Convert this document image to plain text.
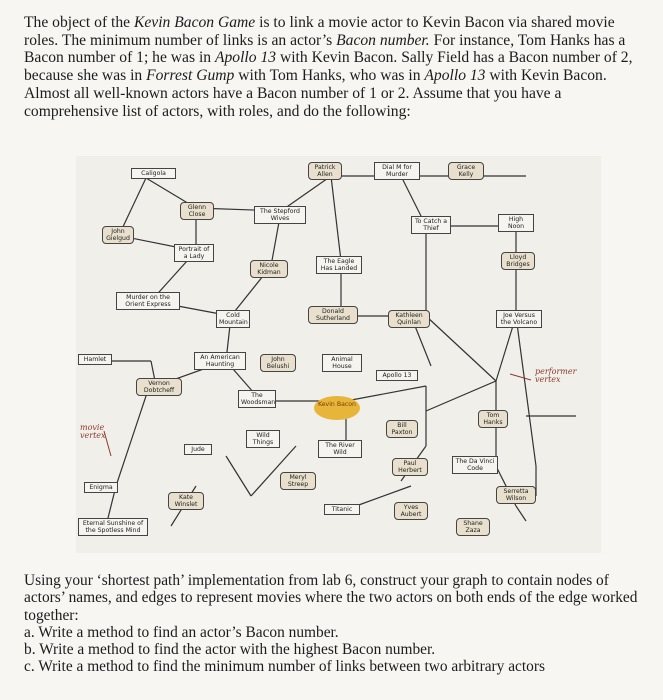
The object of the Kevin Bacon Game is to link a movie actor to Kevin Bacon via shared movie roles. The minimum number of links is an actor’s Bacon number. For instance, Tom Hanks has a Bacon number of 1; he was in Apollo 13 with Kevin Bacon. Sally Field has a Bacon number of 2, because she was in Forrest Gump with Tom Hanks, who was in Apollo 13 with Kevin Bacon. Almost all well-known actors have a Bacon number of 1 or 2. Assume that you have a comprehensive list of actors, with roles, and do the following:

Caligola
Patrick Allen
Dial M for Murder
Grace Kelly
Glenn Close	The Stepford Wives
John Gielgud
To Catch a Thief
High Noon
Portrait of a Lady
Nicole Kidman
The Eagle Has Landed
Lloyd Bridges
Murder on the Orient Express
Cold Mountain
Donald Sutherland	Kathleen Quinlan
Joe Versus the Volcano
Hamlet	An American Haunting
John Belushi
Animal House
Apollo 13
Vernon Dobtcheff
The Woodsman	Kevin Bacon
Tom Hanks
Bill Paxton
Wild Things
Jude
The River Wild
Paul Herbert
The Da Vinci Code
Meryl Streep
Enigma
Kate Winslet
Titanic	Yves Aubert
Serretta Wilson
Eternal Sunshine of the Spotless Mind
Shane Zaza
performer vertex
movie vertex

Using your ‘shortest path’ implementation from lab 6, construct your graph to contain nodes of actors’ names, and edges to represent movies where the two actors on both ends of the edge worked together:

a. Write a method to find an actor’s Bacon number.

b. Write a method to find the actor with the highest Bacon number.

c. Write a method to find the minimum number of links between two arbitrary actors
